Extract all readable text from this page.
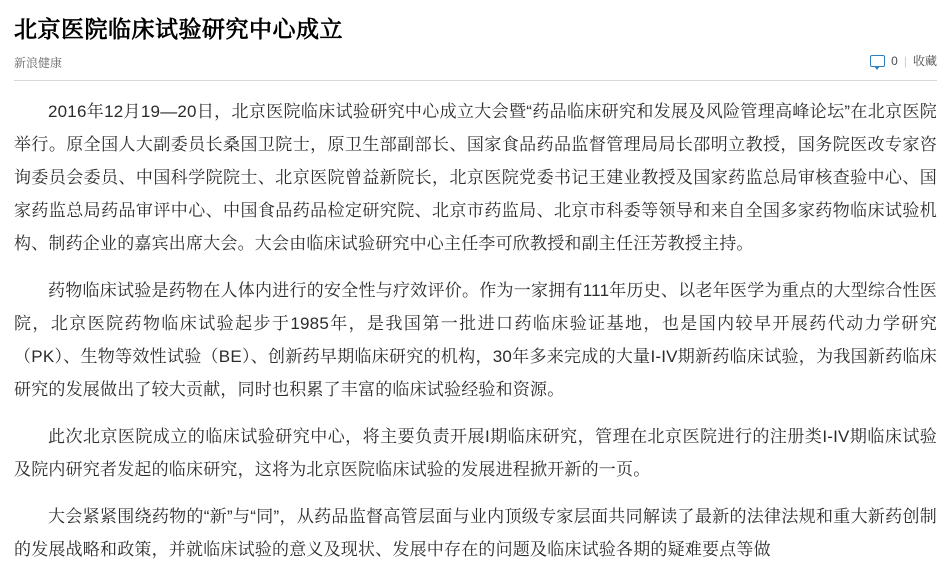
北京医院临床试验研究中心成立
新浪健康	0 | 收藏

2016年12月19—20日，北京医院临床试验研究中心成立大会暨“药品临床研究和发展及风险管理高峰论坛”在北京医院举行。原全国人大副委员长桑国卫院士，原卫生部副部长、国家食品药品监督管理局局长邵明立教授，国务院医改专家咨询委员会委员、中国科学院院士、北京医院曾益新院长，北京医院党委书记王建业教授及国家药监总局审核查验中心、国家药监总局药品审评中心、中国食品药品检定研究院、北京市药监局、北京市科委等领导和来自全国多家药物临床试验机构、制药企业的嘉宾出席大会。大会由临床试验研究中心主任李可欣教授和副主任汪芳教授主持。

药物临床试验是药物在人体内进行的安全性与疗效评价。作为一家拥有111年历史、以老年医学为重点的大型综合性医院，北京医院药物临床试验起步于1985年，是我国第一批进口药临床验证基地，也是国内较早开展药代动力学研究（PK）、生物等效性试验（BE）、创新药早期临床研究的机构，30年多来完成的大量I-IV期新药临床试验，为我国新药临床研究的发展做出了较大贡献，同时也积累了丰富的临床试验经验和资源。

此次北京医院成立的临床试验研究中心，将主要负责开展I期临床研究，管理在北京医院进行的注册类I-IV期临床试验及院内研究者发起的临床研究，这将为北京医院临床试验的发展进程掀开新的一页。

大会紧紧围绕药物的“新”与“同”，从药品监督高管层面与业内顶级专家层面共同解读了最新的法律法规和重大新药创制的发展战略和政策，并就临床试验的意义及现状、发展中存在的问题及临床试验各期的疑难要点等做
